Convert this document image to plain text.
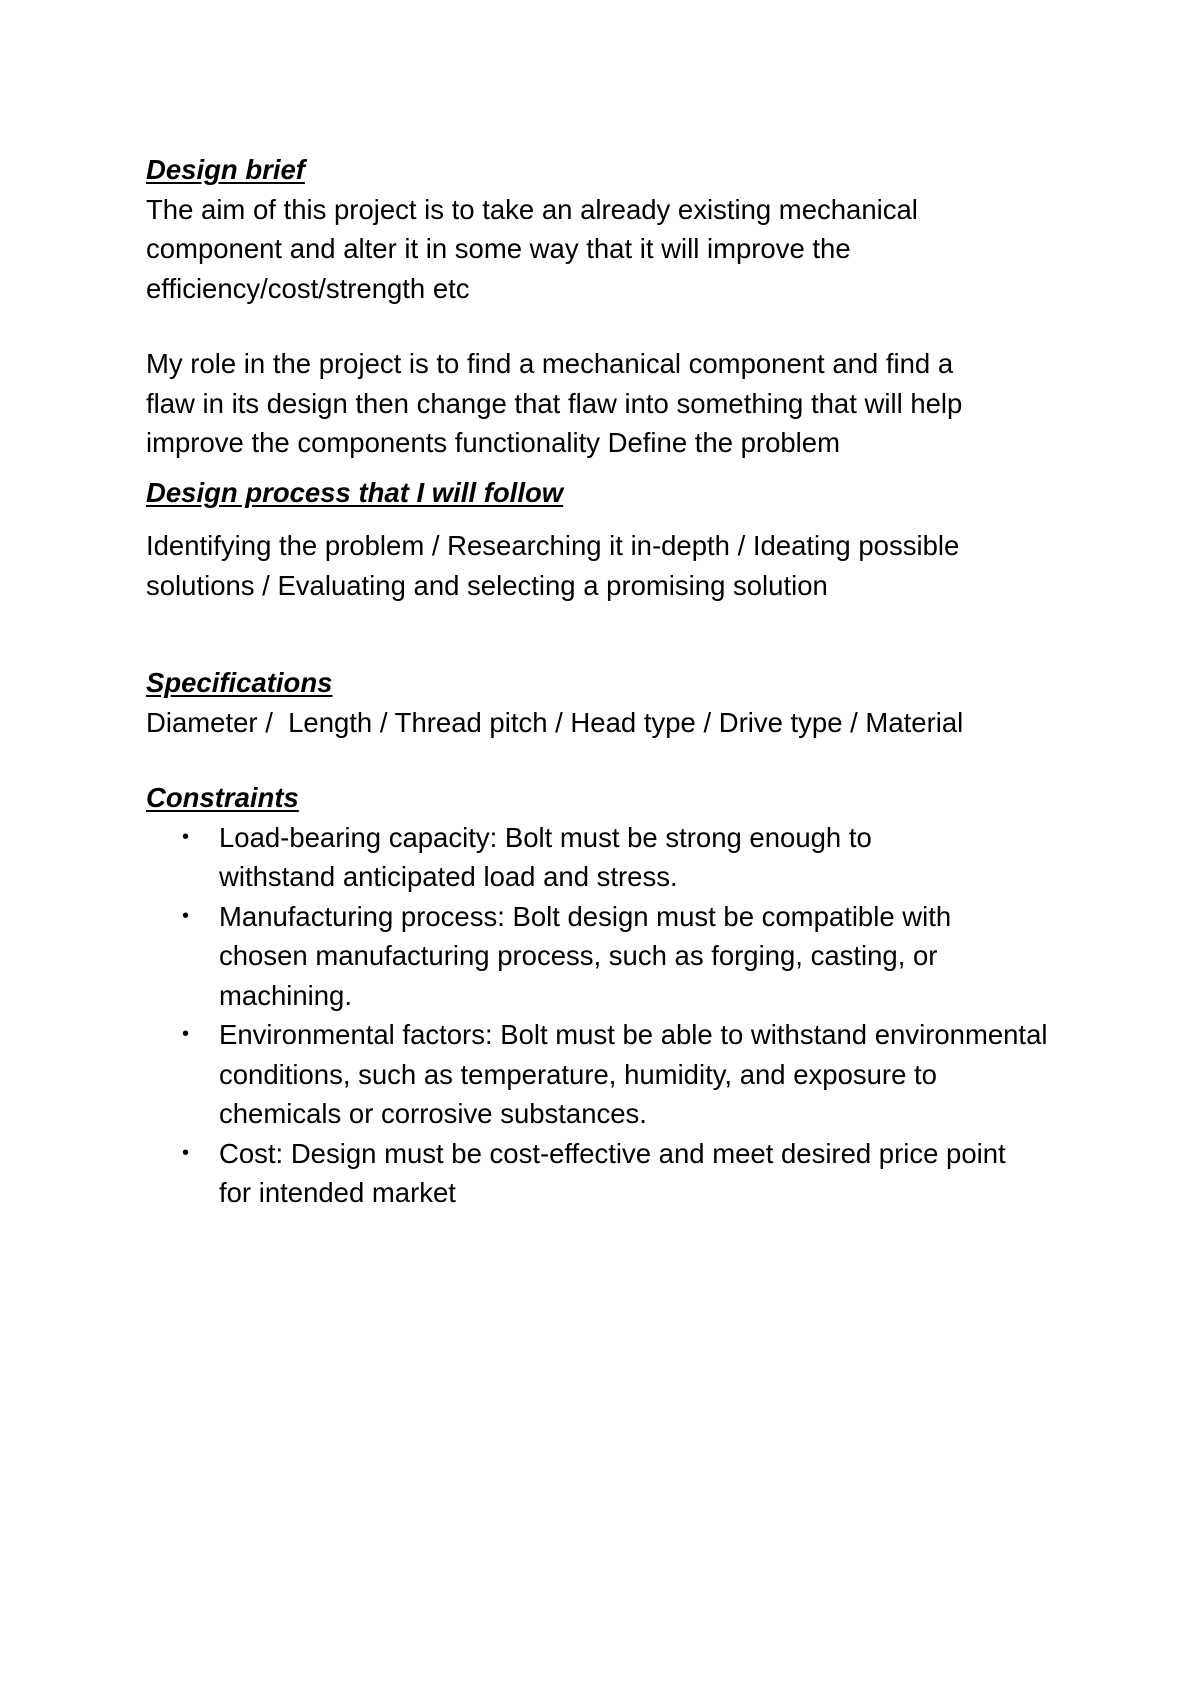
Design brief

The aim of this project is to take an already existing mechanical component and alter it in some way that it will improve the efficiency/cost/strength etc

My role in the project is to find a mechanical component and find a flaw in its design then change that flaw into something that will help improve the components functionality Define the problem

Design process that I will follow

Identifying the problem / Researching it in-depth / Ideating possible solutions / Evaluating and selecting a promising solution

Specifications

Diameter /  Length / Thread pitch / Head type / Drive type / Material

Constraints

• Load-bearing capacity: Bolt must be strong enough to withstand anticipated load and stress.
• Manufacturing process: Bolt design must be compatible with chosen manufacturing process, such as forging, casting, or machining.
• Environmental factors: Bolt must be able to withstand environmental conditions, such as temperature, humidity, and exposure to chemicals or corrosive substances.
• Cost: Design must be cost-effective and meet desired price point for intended market
